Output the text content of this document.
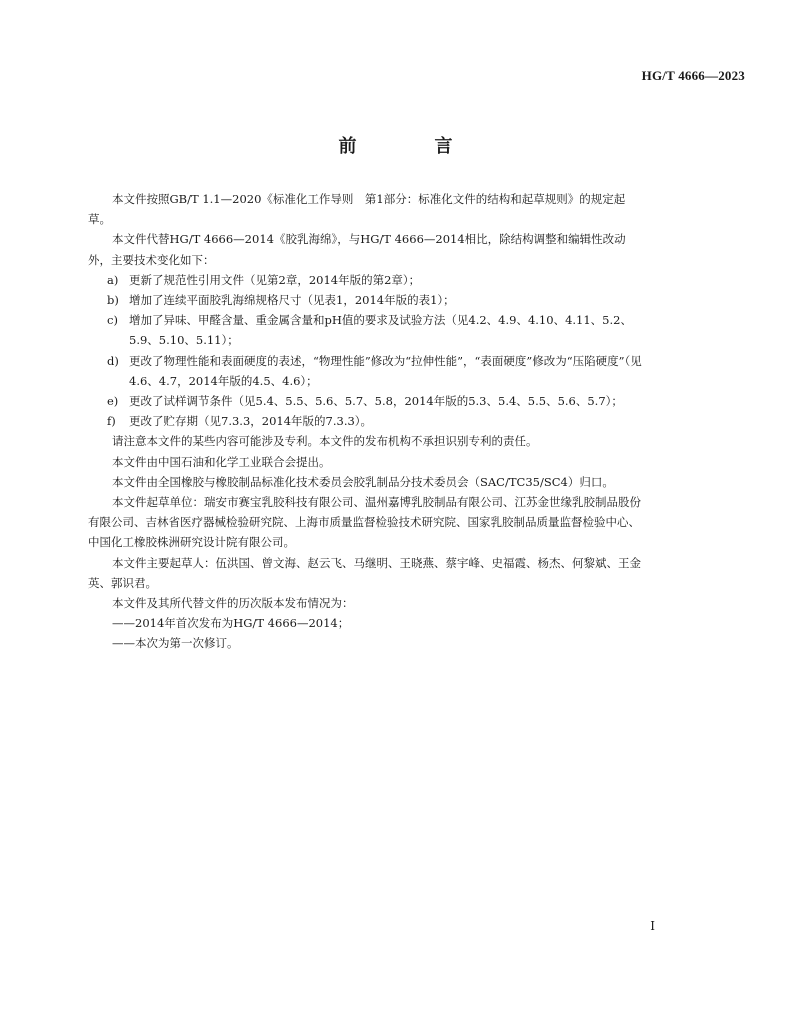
HG/T 4666—2023
前　言

本文件按照GB/T 1.1—2020《标准化工作导则　第1部分：标准化文件的结构和起草规则》的规定起草。

本文件代替HG/T 4666—2014《胶乳海绵》，与HG/T 4666—2014相比，除结构调整和编辑性改动外，主要技术变化如下：

a) 更新了规范性引用文件（见第2章，2014年版的第2章）；

b) 增加了连续平面胶乳海绵规格尺寸（见表1，2014年版的表1）；

c) 增加了异味、甲醛含量、重金属含量和pH值的要求及试验方法（见4.2、4.9、4.10、4.11、5.2、5.9、5.10、5.11）；

d) 更改了物理性能和表面硬度的表述，“物理性能”修改为“拉伸性能”，“表面硬度”修改为“压陷硬度”（见4.6、4.7，2014年版的4.5、4.6）；

e) 更改了试样调节条件（见5.4、5.5、5.6、5.7、5.8，2014年版的5.3、5.4、5.5、5.6、5.7）；

f) 更改了贮存期（见7.3.3，2014年版的7.3.3）。

请注意本文件的某些内容可能涉及专利。本文件的发布机构不承担识别专利的责任。

本文件由中国石油和化学工业联合会提出。

本文件由全国橡胶与橡胶制品标准化技术委员会胶乳制品分技术委员会（SAC/TC35/SC4）归口。

本文件起草单位：瑞安市赛宝乳胶科技有限公司、温州嘉博乳胶制品有限公司、江苏金世缘乳胶制品股份有限公司、吉林省医疗器械检验研究院、上海市质量监督检验技术研究院、国家乳胶制品质量监督检验中心、中国化工橡胶株洲研究设计院有限公司。

本文件主要起草人：伍洪国、曾文海、赵云飞、马继明、王晓燕、蔡宇峰、史福霞、杨杰、何黎斌、王金英、郭识君。

本文件及其所代替文件的历次版本发布情况为：

——2014年首次发布为HG/T 4666—2014；

——本次为第一次修订。

I
